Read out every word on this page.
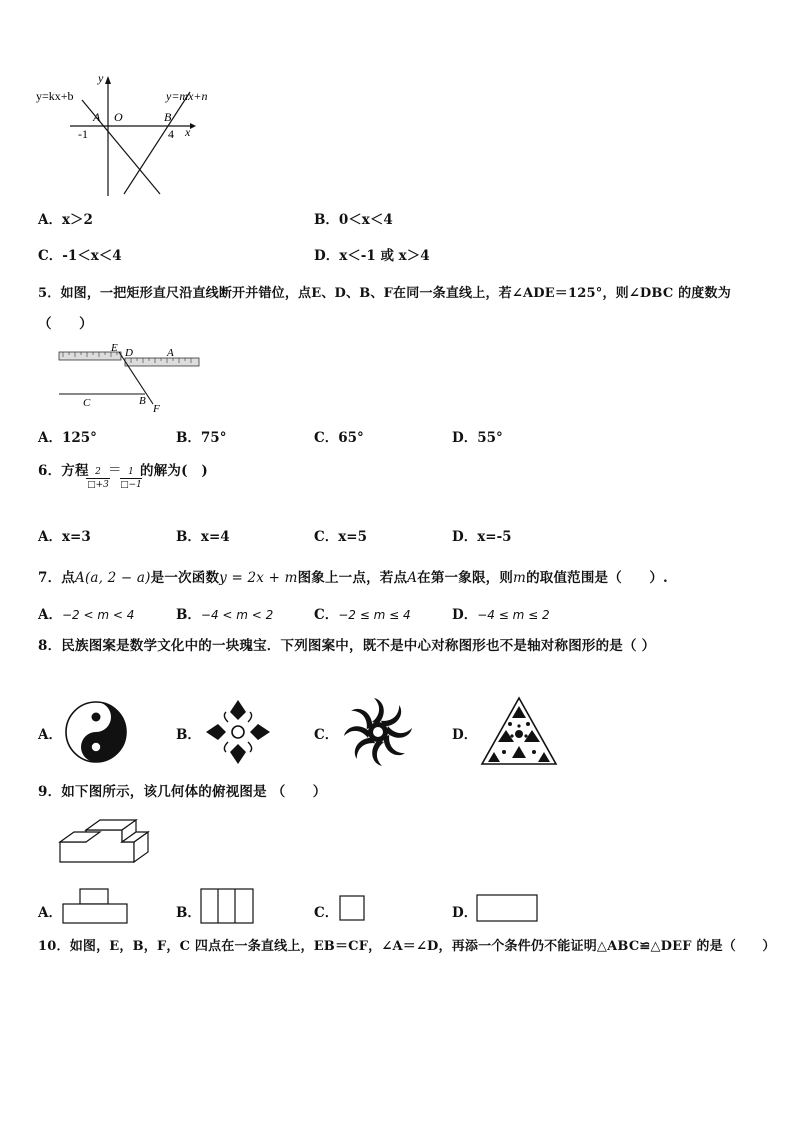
y=kx+b	y=mx+n
y
x
O
A	B
-1	4
A．x＞2	B．0＜x＜4
C．-1＜x＜4	D．x＜-1 或 x＞4
5．如图，一把矩形直尺沿直线断开并错位，点E、D、B、F在同一条直线上，若∠ADE＝125°，则∠DBC 的度数为
（　　）
E D	A
C	B
F
A．125°	B．75°	C．65°	D．55°
6．方程
$\frac{2}{□+3}$
＝
$\frac{1}{□-1}$
的解为(　)
A．x=3	B．x=4	C．x=5	D．x=-5
7．点A(a, 2 − a)是一次函数y = 2x + m图象上一点，若点A在第一象限，则m的取值范围是（　　）.
A．−2 < m < 4	B．−4 < m < 2	C．−2 ≤ m ≤ 4	D．−4 ≤ m ≤ 2
8．民族图案是数学文化中的一块瑰宝．下列图案中，既不是中心对称图形也不是轴对称图形的是（ ）
A．	B．	C．	D．
9．如下图所示，该几何体的俯视图是 （　　）
A．	B．	C．	D．
10．如图，E，B，F，C 四点在一条直线上，EB＝CF，∠A＝∠D，再添一个条件仍不能证明△ABC≌△DEF 的是（　　）
